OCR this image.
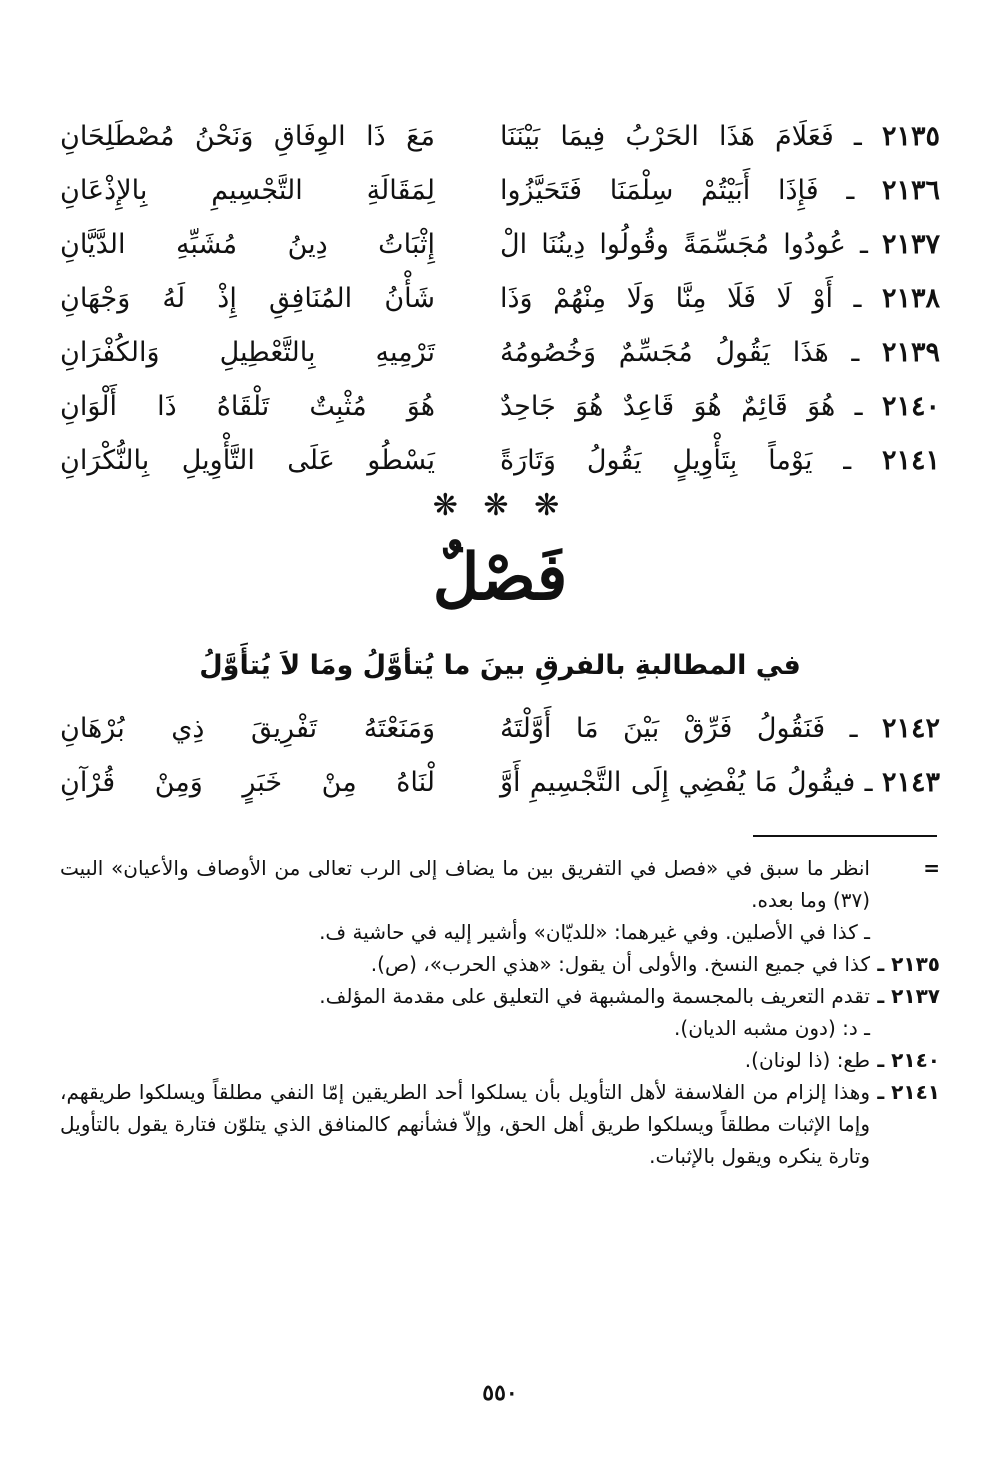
٢١٣٥ ـ فَعَلَامَ هَذَا الحَرْبُ فِيمَا بَيْنَنَا
مَعَ ذَا الوِفَاقِ وَنَحْنُ مُصْطَلِحَانِ
٢١٣٦ ـ فَإِذَا أَبَيْتُمْ سِلْمَنَا فَتَحَيَّزُوا
لِمَقَالَةِ التَّجْسِيمِ بِالإِذْعَانِ
٢١٣٧ ـ عُودُوا مُجَسِّمَةً وقُولُوا دِينُنَا الْ
إِثْبَاتُ دِينُ مُشَبِّهِ الدَّيَّانِ
٢١٣٨ ـ أَوْ لَا فَلَا مِنَّا وَلَا مِنْهُمْ وَذَا
شَأْنُ المُنَافِقِ إِذْ لَهُ وَجْهَانِ
٢١٣٩ ـ هَذَا يَقُولُ مُجَسِّمٌ وَخُصُومُهُ
تَرْمِيهِ بِالتَّعْطِيلِ وَالكُفْرَانِ
٢١٤٠ ـ هُوَ قَائِمٌ هُوَ قَاعِدٌ هُوَ جَاحِدٌ
هُوَ مُثْبِتٌ تَلْقَاهُ ذَا أَلْوَانِ
٢١٤١ ـ يَوْماً بِتَأْوِيلٍ يَقُولُ وَتَارَةً
يَسْطُو عَلَى التَّأْوِيلِ بِالنُّكْرَانِ
❋ ❋ ❋
فَصْلٌ
في المطالبةِ بالفرقِ بينَ ما يُتأوَّلُ ومَا لاَ يُتأَوَّلُ
٢١٤٢ ـ فَنَقُولُ فَرِّقْ بَيْنَ مَا أَوَّلْتَهُ
وَمَنَعْتَهُ تَفْرِيقَ ذِي بُرْهَانِ
٢١٤٣ ـ فيقُولُ مَا يُفْضِي إِلَى التَّجْسِيمِ أَوَّ
لْنَاهُ مِنْ خَبَرٍ وَمِنْ قُرْآنِ

=
انظر ما سبق في «فصل في التفريق بين ما يضاف إلى الرب تعالى من الأوصاف والأعيان» البيت (٣٧) وما بعده.

ـ كذا في الأصلين. وفي غيرهما: «للديّان» وأشير إليه في حاشية ف.

٢١٣٥ ـ
كذا في جميع النسخ. والأولى أن يقول: «هذي الحرب»، (ص).

٢١٣٧ ـ
تقدم التعريف بالمجسمة والمشبهة في التعليق على مقدمة المؤلف.

ـ د: (دون مشبه الديان).

٢١٤٠ ـ
طع: (ذا لونان).

٢١٤١ ـ
وهذا إلزام من الفلاسفة لأهل التأويل بأن يسلكوا أحد الطريقين إمّا النفي مطلقاً ويسلكوا طريقهم، وإما الإثبات مطلقاً ويسلكوا طريق أهل الحق، وإلاّ فشأنهم كالمنافق الذي يتلوّن فتارة يقول بالتأويل وتارة ينكره ويقول بالإثبات.

٥٥٠
